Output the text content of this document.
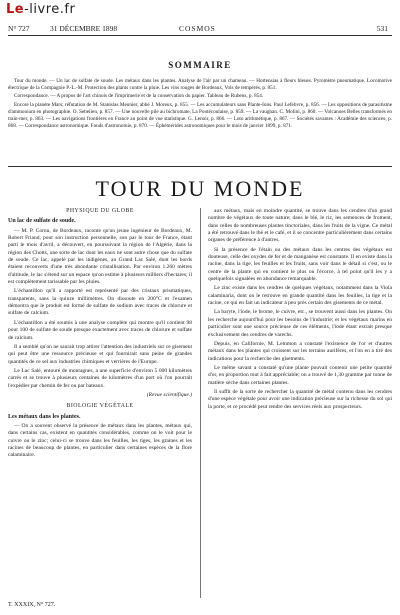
Le-livre.fr
N° 727	31 DÉCEMBRE 1898	COSMOS	531
SOMMAIRE

Tour du monde. — Un lac de sulfate de soude. Les métaux dans les plantes. Analyse de l'air par un chameau. — Hortensias à fleurs bleues. Pyromètre pneumatique. Locomotive électrique de la Compagnie P.-L.-M. Protection des plants contre la pluie. Les vins rouges de Bordeaux, Vols de tempérés, p. 851.

Correspondance. — A propos de l'art chinois de l'imprimerie et de la conservation du papier. Tableau de Rubens, p. 854.

Encore la planète Mars; réfutation de M. Stanislas Meunier, abbé J. Moreux, p. 855. — Les accumulateurs sans Plante-Ions. Paul Lefebvre, p. 856. — Les oppositions de parasitisme d'ammonium en photographie. O. Sebelien, p. 857. — Une nouvelle pile au bichromate, La Pontécoulaise, p. 859. — La vaughan. C. Molini, p. 860. — Volcanoes Belles transformés en train-mer, p. 863. — Les navigations frontières en France au point de vue statistique. G. Lenoir, p. 866. — Loto arithmétique, p. 867. — Sociétés savantes : Académie des sciences, p. 868. — Correspondance astronomique. Fonds d'astronomie, p. 870. — Éphémérides astronomiques pour le mois de janvier 1899, p. 871.

TOUR DU MONDE
PHYSIQUE DU GLOBE
Un lac de sulfate de soude.

— M. P. Cornu, de Bordeaux, raconte qu'un jeune ingénieur de Bordeaux, M. Robert Friand, pour son instruction personnelle, son par le tour de France, étant parti le mois d'avril, a découvert, en poursuivant la région de l'Algérie, dans la région des Chotts, une sorte de lac dont les eaux ne sont autre chose que du sulfate de soude. Ce lac, appelé par les indigènes, au Grand Lac Salé, dont les bords étaient recouverts d'une très abondante cristallisation. Par environ 1.260 mètres d'altitude, le lac s'étend sur un espace qu'on estime à plusieurs milliers d'hectares; il est complètement tarissable par les pluies.

L'échantillon qu'il a rapporté est représenté par des cristaux prismatiques, transparents, sans la quinze millimètres. On dissoute en 200°C et l'examen démontra que le produit est formé de sulfate de sodium avec traces de chlorure et sulfate de calcium.

L'échantillon a été soumis à une analyse complète qui montre qu'il contient 98 pour 100 de sulfate de soude presque exactement avec traces de chlorure et sulfate de calcium.

Il a semblé qu'on ne saurait trop attirer l'attention des industriels sur ce gisement qui peut être une ressource précieuse et qui fournirait sans peine de grandes quantités de ce sel aux industries chimiques et verrières de l'Europe.

Le Lac Salé, entouré de montagnes, a une superficie d'environ 5 000 kilomètres carrés et se trouve à plusieurs centaines de kilomètres d'un port où l'on pourrait l'expédier par chemin de fer ou par bateaux.

(Revue scientifique.)

BIOLOGIE VÉGÉTALE
Les métaux dans les plantes.

— On a souvent observé la présence de métaux dans les plantes, métaux qui, dans certains cas, existent en quantités considérables, comme on le voit pour le cuivre ou le zinc; celui-ci se trouve dans les feuilles, les tiges, les graines et les racines de beaucoup de plantes, en particulier dans certaines espèces de la flore calaminaire.

aux métaux, mais en moindre quantité, se trouve dans les cendres d'un grand nombre de végétaux de toute nature; dans le blé, le riz, les semences de froment, dans celles de nombreuses plantes tinctoriales, dans les fruits de la vigne. Ce métal a été retrouvé dans le thé et le café, et il se concentre particulièrement dans certains organes de préférence à d'autres.

Si la présence de l'étain ou des métaux dans les centres des végétaux est douteuse, celle des oxydes de fer et de manganèse est constante. Il en existe dans la racine, dans la tige, les feuilles et les fruits, sans voir dans le détail si c'est, ou le centre de la plante qui en contient le plus ou l'écorce, à tel point qu'il les y a quelquefois signalées en abondance remarquable.

Le zinc existe dans les cendres de quelques végétaux, notamment dans la Viola calaminaria, dont on le retrouve en grande quantité dans les feuilles, la tige et la racine, ce qui en fait un indicateur à peu près certain des gisements de ce métal.

La baryte, l'iode, le brome, le cuivre, etc., se trouvent aussi dans les plantes. On les recherche aujourd'hui pour les besoins de l'industrie; et les végétaux marins en particulier sont une source précieuse de ces éléments, l'iode étant extrait presque exclusivement des cendres de varechs.

Depuis, en Californie, M. Lemmon a constaté l'existence de l'or et d'autres métaux dans les plantes qui croissent sur les terrains aurifères, et l'on en a tiré des indications pour la recherche des gisements.

Le même savant a constaté qu'une plante pouvait contenir une petite quantité d'or, en proportion tout à fait appréciable; on a trouvé de 1,30 gramme par tonne de matière sèche dans certaines plantes.

Il suffit de la sorte de rechercher la quantité de métal contenu dans les cendres d'une espèce végétale pour avoir une indication précieuse sur la richesse du sol qui la porte, et ce procédé peut rendre des services réels aux prospecteurs.

T. XXXIX, N° 727.
